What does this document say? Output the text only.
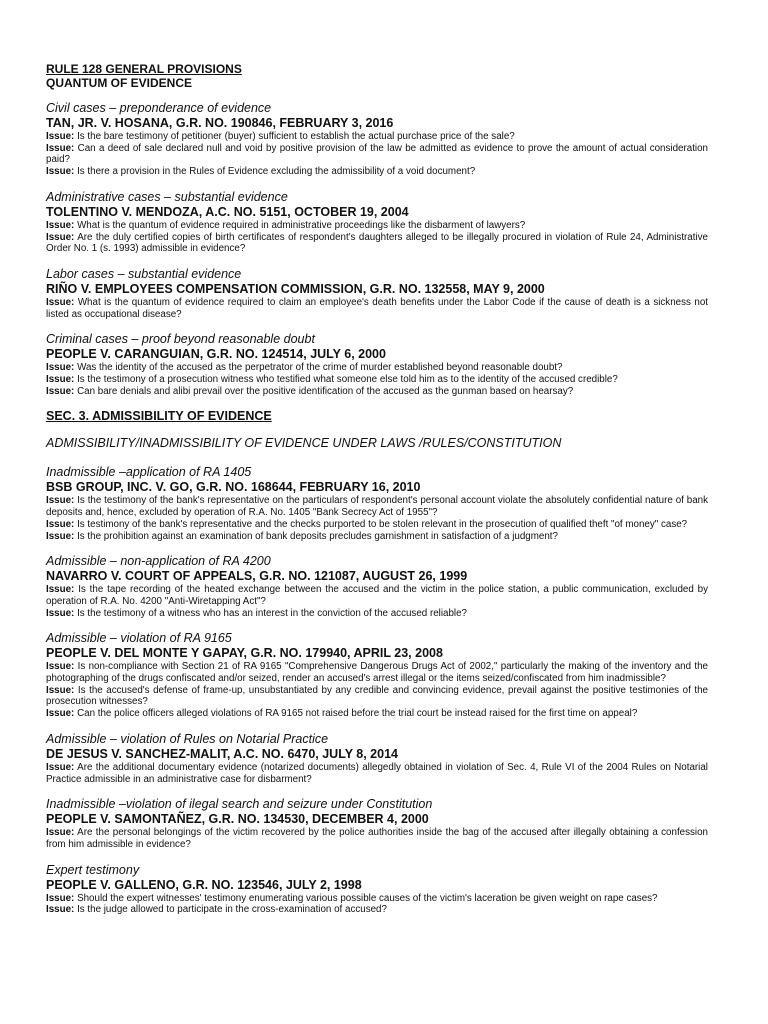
RULE 128 GENERAL PROVISIONS

QUANTUM OF EVIDENCE

Civil cases – preponderance of evidence

TAN, JR. V. HOSANA, G.R. NO. 190846, FEBRUARY 3, 2016

Issue: Is the bare testimony of petitioner (buyer) sufficient to establish the actual purchase price of the sale?

Issue: Can a deed of sale declared null and void by positive provision of the law be admitted as evidence to prove the amount of actual consideration paid?

Issue: Is there a provision in the Rules of Evidence excluding the admissibility of a void document?

Administrative cases – substantial evidence

TOLENTINO V. MENDOZA, A.C. NO. 5151, OCTOBER 19, 2004

Issue: What is the quantum of evidence required in administrative proceedings like the disbarment of lawyers?

Issue: Are the duly certified copies of birth certificates of respondent's daughters alleged to be illegally procured in violation of Rule 24, Administrative Order No. 1 (s. 1993) admissible in evidence?

Labor cases – substantial evidence

RIÑO V. EMPLOYEES COMPENSATION COMMISSION, G.R. NO. 132558, MAY 9, 2000

Issue: What is the quantum of evidence required to claim an employee's death benefits under the Labor Code if the cause of death is a sickness not listed as occupational disease?

Criminal cases – proof beyond reasonable doubt

PEOPLE V. CARANGUIAN, G.R. NO. 124514, JULY 6, 2000

Issue: Was the identity of the accused as the perpetrator of the crime of murder established beyond reasonable doubt?

Issue: Is the testimony of a prosecution witness who testified what someone else told him as to the identity of the accused credible?

Issue: Can bare denials and alibi prevail over the positive identification of the accused as the gunman based on hearsay?

SEC. 3. ADMISSIBILITY OF EVIDENCE

ADMISSIBILITY/INADMISSIBILITY OF EVIDENCE UNDER LAWS /RULES/CONSTITUTION

Inadmissible –application of RA 1405

BSB GROUP, INC. V. GO, G.R. NO. 168644, FEBRUARY 16, 2010

Issue: Is the testimony of the bank's representative on the particulars of respondent's personal account violate the absolutely confidential nature of bank deposits and, hence, excluded by operation of R.A. No. 1405 "Bank Secrecy Act of 1955"?

Issue: Is testimony of the bank's representative and the checks purported to be stolen relevant in the prosecution of qualified theft "of money" case?

Issue: Is the prohibition against an examination of bank deposits precludes garnishment in satisfaction of a judgment?

Admissible – non-application of RA 4200

NAVARRO V. COURT OF APPEALS, G.R. NO. 121087, AUGUST 26, 1999

Issue: Is the tape recording of the heated exchange between the accused and the victim in the police station, a public communication, excluded by operation of R.A. No. 4200 "Anti-Wiretapping Act"?

Issue: Is the testimony of a witness who has an interest in the conviction of the accused reliable?

Admissible – violation of RA 9165

PEOPLE V. DEL MONTE Y GAPAY, G.R. NO. 179940, APRIL 23, 2008

Issue: Is non-compliance with Section 21 of RA 9165 "Comprehensive Dangerous Drugs Act of 2002," particularly the making of the inventory and the photographing of the drugs confiscated and/or seized, render an accused's arrest illegal or the items seized/confiscated from him inadmissible?

Issue: Is the accused's defense of frame-up, unsubstantiated by any credible and convincing evidence, prevail against the positive testimonies of the prosecution witnesses?

Issue: Can the police officers alleged violations of RA 9165 not raised before the trial court be instead raised for the first time on appeal?

Admissible – violation of Rules on Notarial Practice

DE JESUS V. SANCHEZ-MALIT, A.C. NO. 6470, JULY 8, 2014

Issue: Are the additional documentary evidence (notarized documents) allegedly obtained in violation of Sec. 4, Rule VI of the 2004 Rules on Notarial Practice admissible in an administrative case for disbarment?

Inadmissible –violation of ilegal search and seizure under Constitution

PEOPLE V. SAMONTAÑEZ, G.R. NO. 134530, DECEMBER 4, 2000

Issue: Are the personal belongings of the victim recovered by the police authorities inside the bag of the accused after illegally obtaining a confession from him admissible in evidence?

Expert testimony

PEOPLE V. GALLENO, G.R. NO. 123546, JULY 2, 1998

Issue: Should the expert witnesses' testimony enumerating various possible causes of the victim's laceration be given weight on rape cases?

Issue: Is the judge allowed to participate in the cross-examination of accused?
